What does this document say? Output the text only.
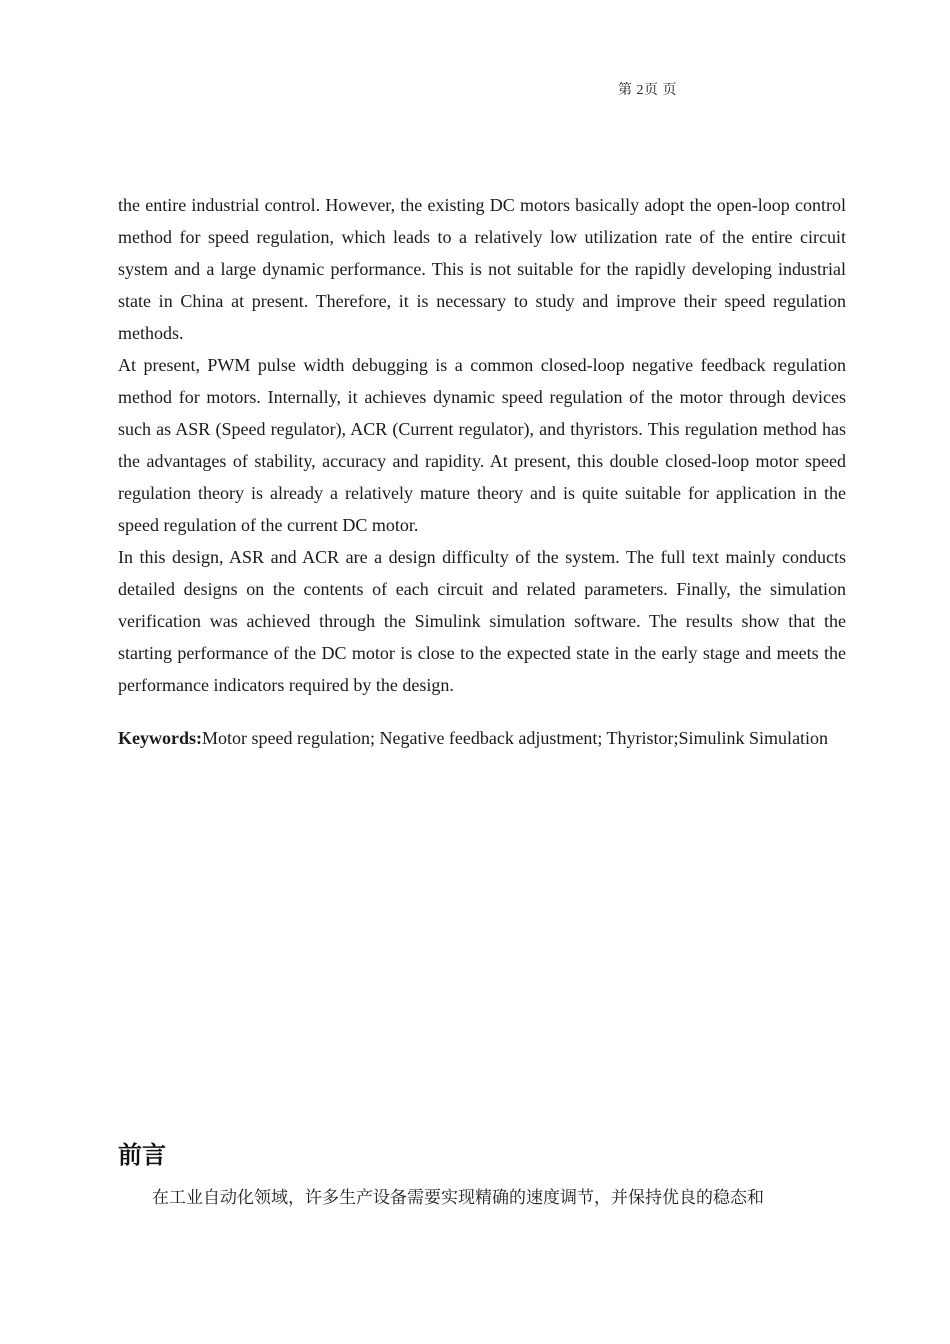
第 2页 页

the entire industrial control. However, the existing DC motors basically adopt the open-loop control method for speed regulation, which leads to a relatively low utilization rate of the entire circuit system and a large dynamic performance. This is not suitable for the rapidly developing industrial state in China at present. Therefore, it is necessary to study and improve their speed regulation methods.

At present, PWM pulse width debugging is a common closed-loop negative feedback regulation method for motors. Internally, it achieves dynamic speed regulation of the motor through devices such as ASR (Speed regulator), ACR (Current regulator), and thyristors. This regulation method has the advantages of stability, accuracy and rapidity. At present, this double closed-loop motor speed regulation theory is already a relatively mature theory and is quite suitable for application in the speed regulation of the current DC motor.

In this design, ASR and ACR are a design difficulty of the system. The full text mainly conducts detailed designs on the contents of each circuit and related parameters. Finally, the simulation verification was achieved through the Simulink simulation software. The results show that the starting performance of the DC motor is close to the expected state in the early stage and meets the performance indicators required by the design.

Keywords:Motor speed regulation; Negative feedback adjustment; Thyristor;Simulink Simulation

前言

在工业自动化领域，许多生产设备需要实现精确的速度调节，并保持优良的稳态和
